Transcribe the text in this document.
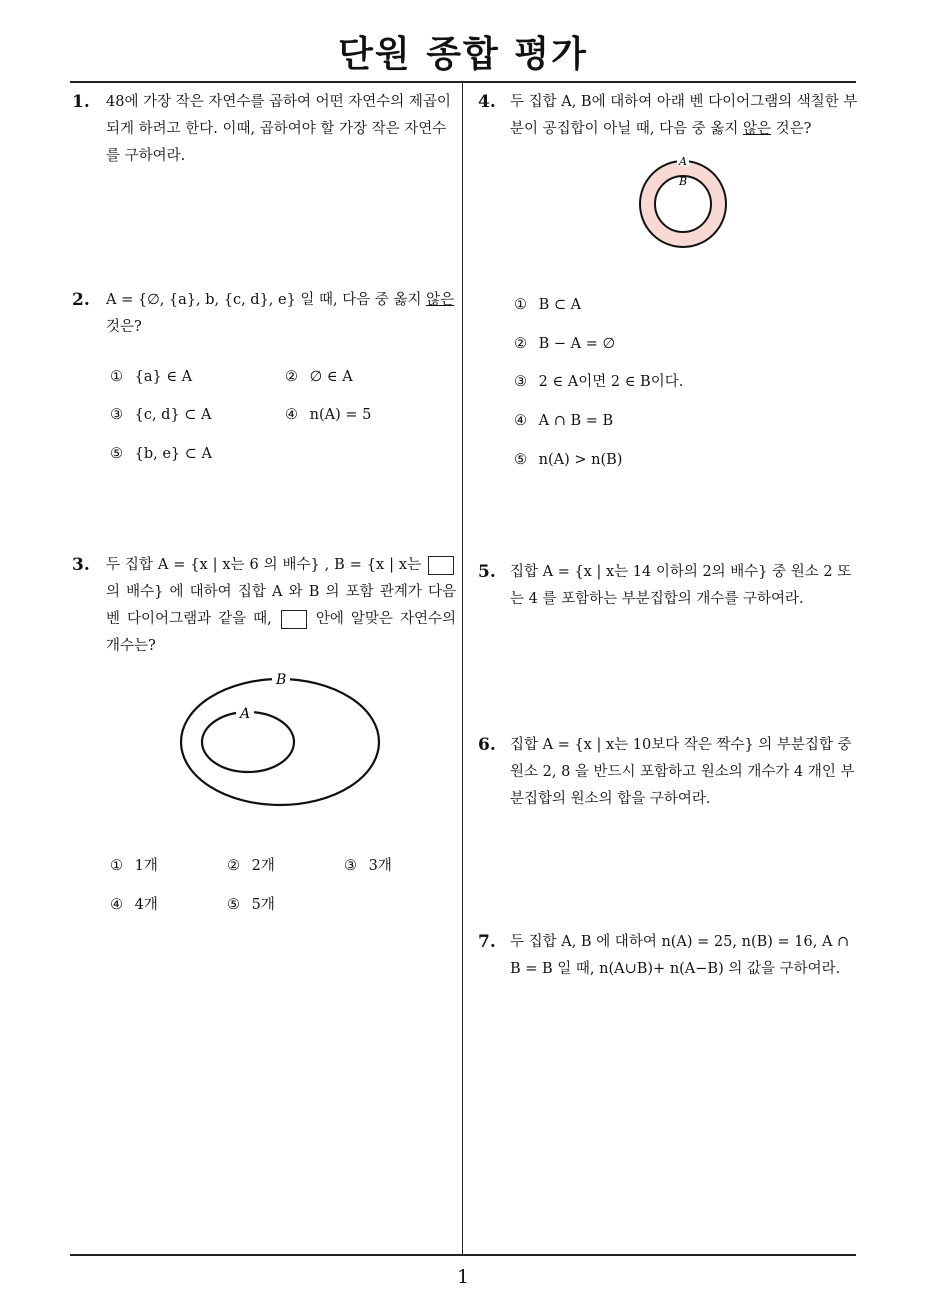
단원 종합 평가
1. 48에 가장 작은 자연수를 곱하여 어떤 자연수의 제곱이 되게 하려고 한다. 이때, 곱하여야 할 가장 작은 자연수를 구하여라.
2. A = {∅, {a}, b, {c, d}, e} 일 때, 다음 중 옳지 않은 것은?
① {a} ∈ A	② ∅ ∈ A
③ {c, d} ⊂ A	④ n(A) = 5
⑤ {b, e} ⊂ A
3. 두 집합 A = {x | x는 6 의 배수} , B = {x | x는 의 배수} 에 대하여 집합 A 와 B 의 포함 관계가 다음 벤 다이어그램과 같을 때,  안에 알맞은 자연수의 개수는?
B
A
① 1개	② 2개	③ 3개
④ 4개	⑤ 5개
4. 두 집합 A, B에 대하여 아래 벤 다이어그램의 색칠한 부분이 공집합이 아닐 때, 다음 중 옳지 않은 것은?
A
B
① B ⊂ A
② B − A = ∅
③ 2 ∈ A이면 2 ∈ B이다.
④ A ∩ B = B
⑤ n(A) > n(B)
5. 집합 A = {x | x는 14 이하의 2의 배수} 중 원소 2 또는 4 를 포함하는 부분집합의 개수를 구하여라.
6. 집합 A = {x | x는 10보다 작은 짝수} 의 부분집합 중 원소 2, 8 을 반드시 포함하고 원소의 개수가 4 개인 부분집합의 원소의 합을 구하여라.
7. 두 집합 A, B 에 대하여 n(A) = 25, n(B) = 16, A ∩ B = B 일 때, n(A∪B)+ n(A−B) 의 값을 구하여라.
1
